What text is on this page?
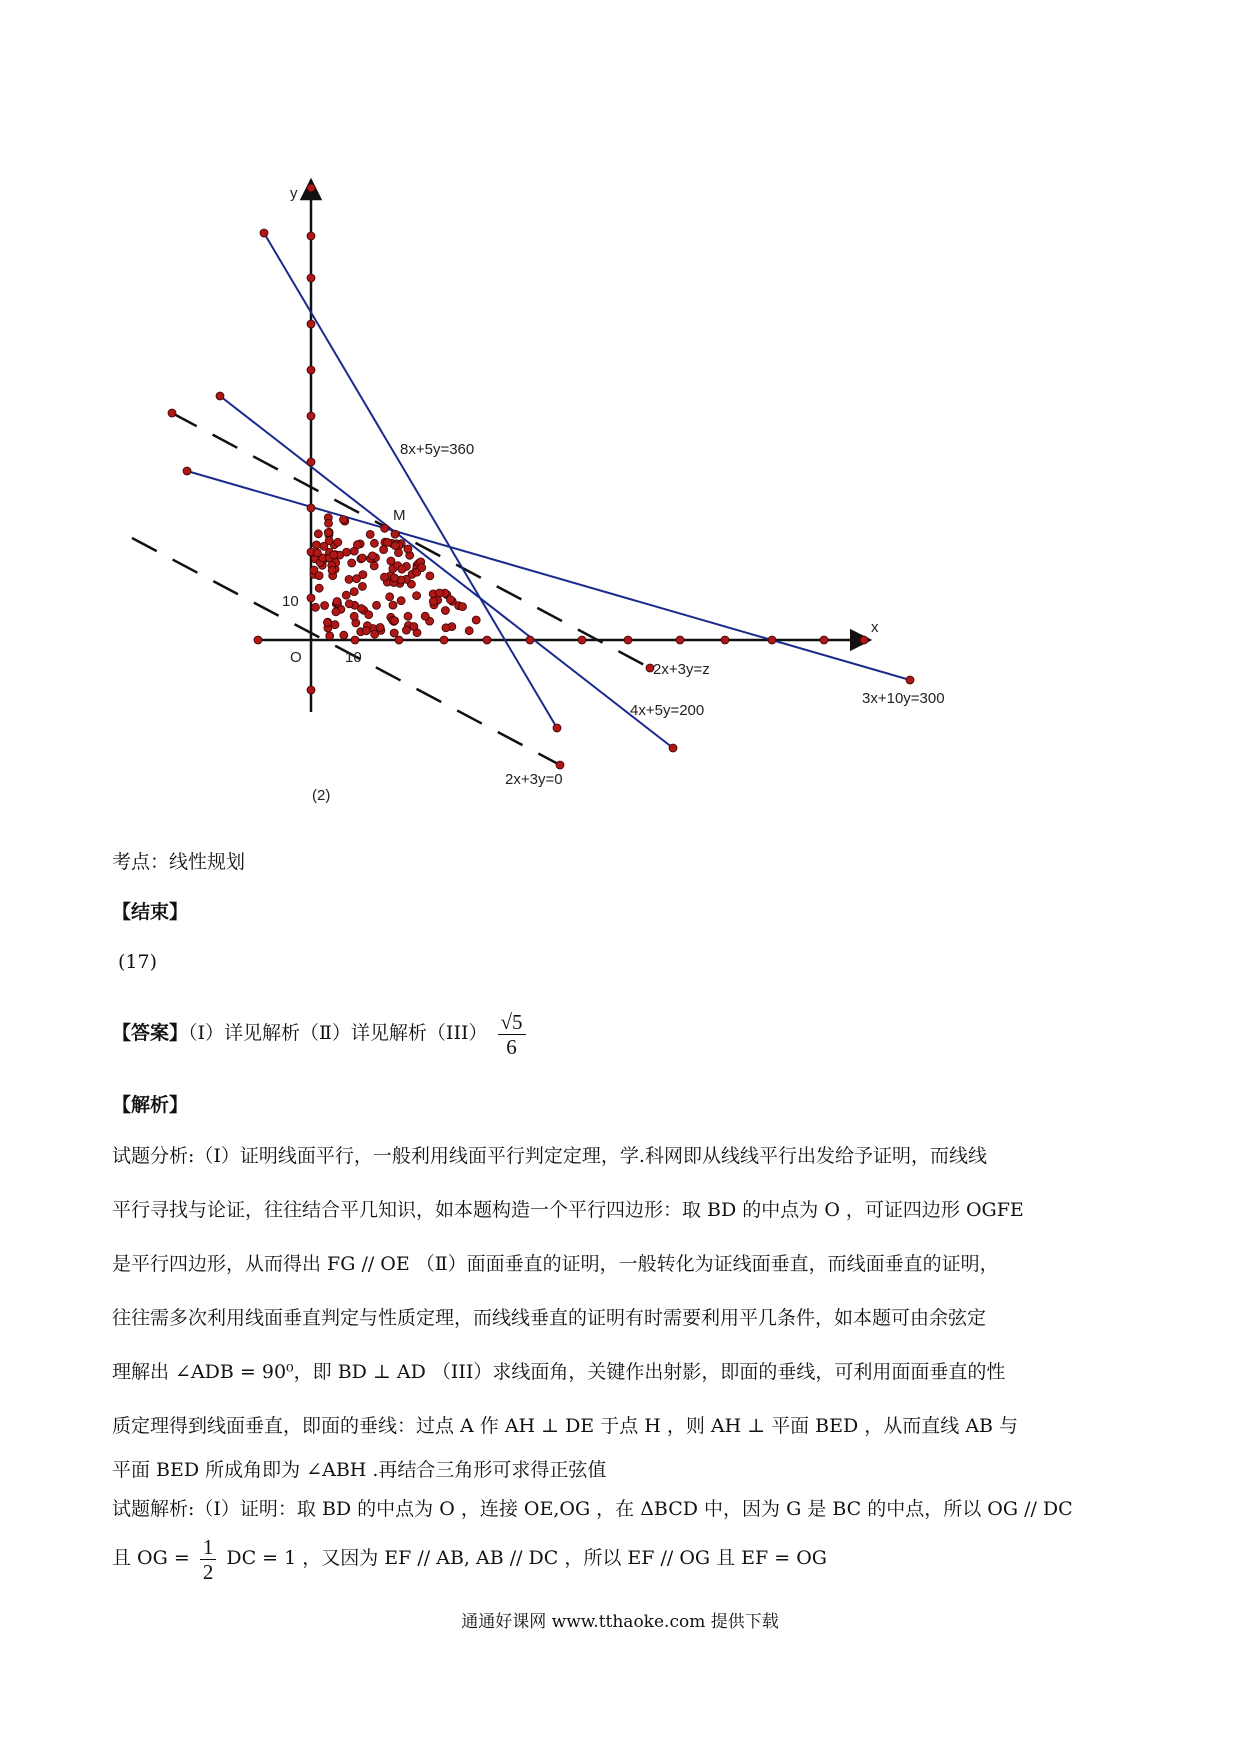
y
x
O	10
10
M
8x+5y=360
4x+5y=200
3x+10y=300
2x+3y=z
2x+3y=0
(2)
考点：线性规划
【结束】
(17)
【答案】（Ⅰ）详见解析（Ⅱ）详见解析$(III) \frac{√5}{6}$
【解析】
试题分析:（Ⅰ）证明线面平行，一般利用线面平行判定定理，学.科网即从线线平行出发给予证明，而线线
平行寻找与论证，往往结合平几知识，如本题构造一个平行四边形：取 BD 的中点为 O ，可证四边形 OGFE
是平行四边形，从而得出 FG // OE （Ⅱ）面面垂直的证明，一般转化为证线面垂直，而线面垂直的证明，
往往需多次利用线面垂直判定与性质定理，而线线垂直的证明有时需要利用平几条件，如本题可由余弦定
理解出 ∠ADB = 90⁰，即 BD ⊥ AD （III）求线面角，关键作出射影，即面的垂线，可利用面面垂直的性
质定理得到线面垂直，即面的垂线：过点 A 作 AH ⊥ DE 于点 H ，则 AH ⊥ 平面 BED ，从而直线 AB 与
平面 BED 所成角即为 ∠ABH .再结合三角形可求得正弦值
试题解析:（Ⅰ）证明：取 BD 的中点为 O ，连接 OE,OG ，在 ΔBCD 中，因为 G 是 BC 的中点，所以 OG // DC
且 OG = $\frac{1}{2}$ DC = 1 ，又因为 EF // AB, AB // DC ，所以 EF // OG 且 EF = OG
通通好课网 www.tthaoke.com 提供下载
